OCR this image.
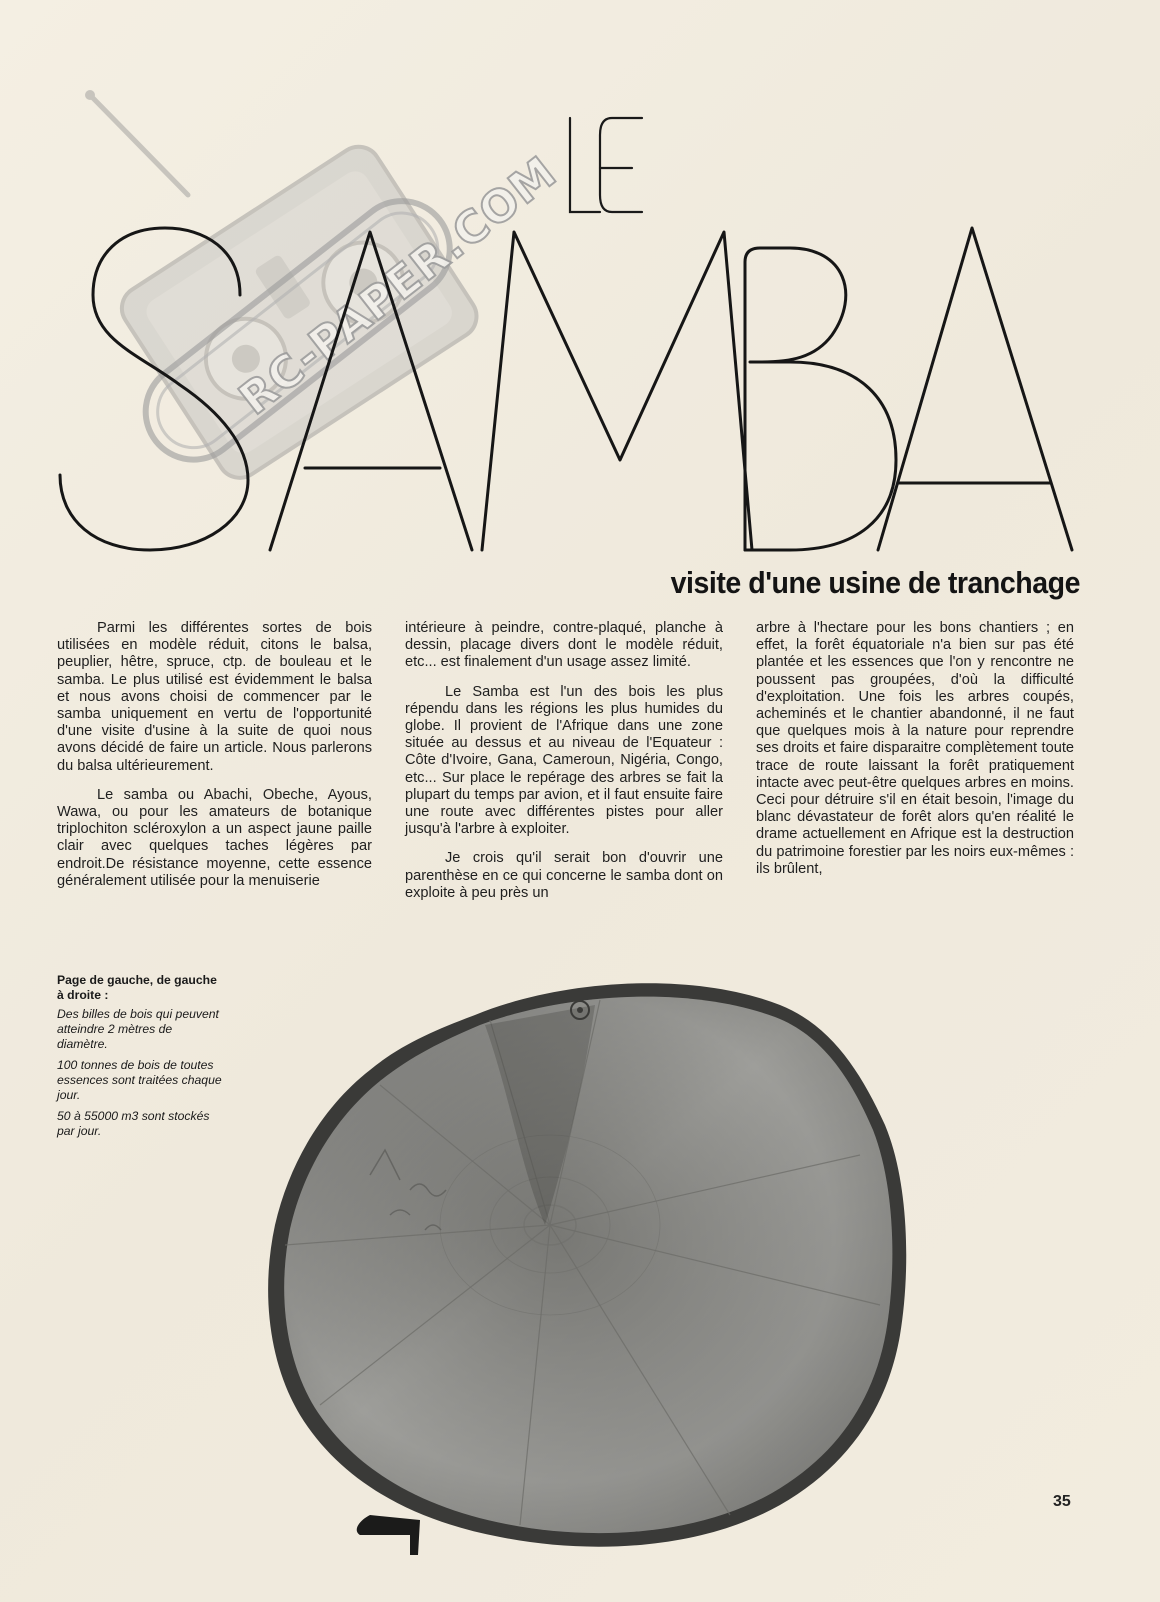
RC-PAPER.COM
visite d'une usine de tranchage

Parmi les différentes sortes de bois utilisées en modèle réduit, citons le balsa, peuplier, hêtre, spruce, ctp. de bouleau et le samba. Le plus utilisé est évidemment le balsa et nous avons choisi de commencer par le samba uniquement en vertu de l'opportunité d'une visite d'usine à la suite de quoi nous avons décidé de faire un article. Nous parlerons du balsa ultérieurement.

Le samba ou Abachi, Obeche, Ayous, Wawa, ou pour les amateurs de botanique triplochiton scléroxylon a un aspect jaune paille clair avec quelques taches légères par endroit.De résistance moyenne, cette essence généralement utilisée pour la menuiserie

intérieure à peindre, contre-plaqué, planche à dessin, placage divers dont le modèle réduit, etc... est finalement d'un usage assez limité.

Le Samba est l'un des bois les plus répendu dans les régions les plus humides du globe. Il provient de l'Afrique dans une zone située au dessus et au niveau de l'Equateur : Côte d'Ivoire, Gana, Cameroun, Nigéria, Congo, etc... Sur place le repérage des arbres se fait la plupart du temps par avion, et il faut ensuite faire une route avec différentes pistes pour aller jusqu'à l'arbre à exploiter.

Je crois qu'il serait bon d'ouvrir une parenthèse en ce qui concerne le samba dont on exploite à peu près un

arbre à l'hectare pour les bons chantiers ; en effet, la forêt équatoriale n'a bien sur pas été plantée et les essences que l'on y rencontre ne poussent pas groupées, d'où la difficulté d'exploitation. Une fois les arbres coupés, acheminés et le chantier abandonné, il ne faut que quelques mois à la nature pour reprendre ses droits et faire disparaitre complètement toute trace de route laissant la forêt pratiquement intacte avec peut-être quelques arbres en moins. Ceci pour détruire s'il en était besoin, l'image du blanc dévastateur de forêt alors qu'en réalité le drame actuellement en Afrique est la destruction du patrimoine forestier par les noirs eux-mêmes : ils brûlent,

Page de gauche, de gauche à droite :
Des billes de bois qui peuvent atteindre 2 mètres de diamètre.
100 tonnes de bois de toutes essences sont traitées chaque jour.
50 à 55000 m3 sont stockés par jour.
35
